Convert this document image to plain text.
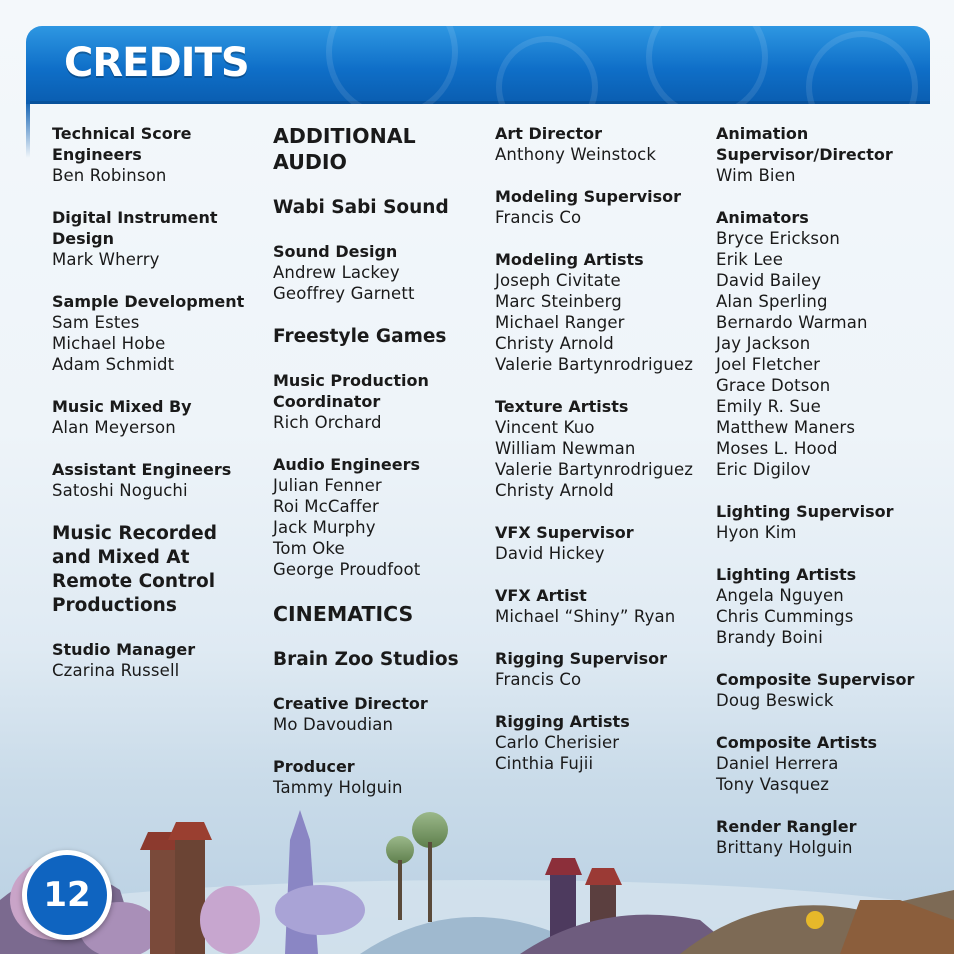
CREDITS
Technical Score
Engineers
Ben Robinson
Digital Instrument
Design
Mark Wherry
Sample Development
Sam Estes
Michael Hobe
Adam Schmidt
Music Mixed By
Alan Meyerson
Assistant Engineers
Satoshi Noguchi
Music Recorded
and Mixed At
Remote Control
Productions
Studio Manager
Czarina Russell
ADDITIONAL
AUDIO
Wabi Sabi Sound
Sound Design
Andrew Lackey
Geoffrey Garnett
Freestyle Games
Music Production
Coordinator
Rich Orchard
Audio Engineers
Julian Fenner
Roi McCaffer
Jack Murphy
Tom Oke
George Proudfoot
CINEMATICS
Brain Zoo Studios
Creative Director
Mo Davoudian
Producer
Tammy Holguin
Art Director
Anthony Weinstock
Modeling Supervisor
Francis Co
Modeling Artists
Joseph Civitate
Marc Steinberg
Michael Ranger
Christy Arnold
Valerie Bartynrodriguez
Texture Artists
Vincent Kuo
William Newman
Valerie Bartynrodriguez
Christy Arnold
VFX Supervisor
David Hickey
VFX Artist
Michael “Shiny” Ryan
Rigging Supervisor
Francis Co
Rigging Artists
Carlo Cherisier
Cinthia Fujii
Animation
Supervisor/Director
Wim Bien
Animators
Bryce Erickson
Erik Lee
David Bailey
Alan Sperling
Bernardo Warman
Jay Jackson
Joel Fletcher
Grace Dotson
Emily R. Sue
Matthew Maners
Moses L. Hood
Eric Digilov
Lighting Supervisor
Hyon Kim
Lighting Artists
Angela Nguyen
Chris Cummings
Brandy Boini
Composite Supervisor
Doug Beswick
Composite Artists
Daniel Herrera
Tony Vasquez
Render Rangler
Brittany Holguin
12
